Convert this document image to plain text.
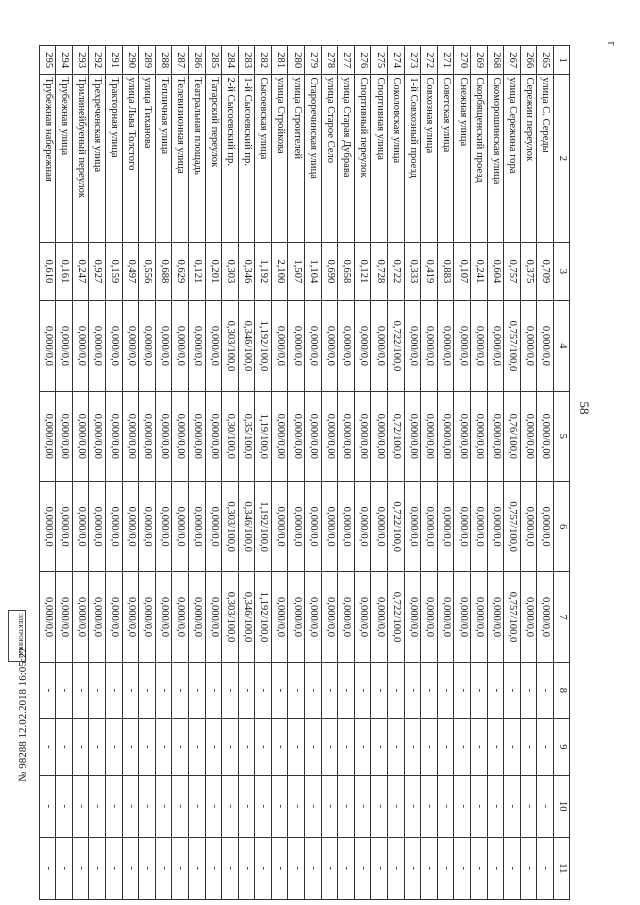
58
r
1	2	3	4	5	6	7	8	9	10	11
265	улица С. Середы	0,709	0,000/0,0	0,000/0,00	0,000/0,0	0,000/0,0	-	-	-	-
266	Сережин переулок	0,375	0,000/0,0	0,000/0,00	0,000/0,0	0,000/0,0	-	-	-	-
267	улица Сережина гора	0,757	0,757/100,0	0,76/100,0	0,757/100,0	0,757/100,0	-	-	-	-
268	Скоморошинская улица	0,604	0,000/0,0	0,000/0,00	0,000/0,0	0,000/0,0	-	-	-	-
269	Скорбященский проезд	0,241	0,000/0,0	0,000/0,00	0,000/0,0	0,000/0,0	-	-	-	-
270	Снежная улица	0,107	0,000/0,0	0,000/0,00	0,000/0,0	0,000/0,0	-	-	-	-
271	Советская улица	0,883	0,000/0,0	0,000/0,00	0,000/0,0	0,000/0,0	-	-	-	-
272	Совхозная улица	0,419	0,000/0,0	0,000/0,00	0,000/0,0	0,000/0,0	-	-	-	-
273	1-й Совхозный проезд	0,333	0,000/0,0	0,000/0,00	0,000/0,0	0,000/0,0	-	-	-	-
274	Соколовская улица	0,722	0,722/100,0	0,72/100,0	0,722/100,0	0,722/100,0	-	-	-	-
275	Спортивная улица	0,728	0,000/0,0	0,000/0,00	0,000/0,0	0,000/0,0	-	-	-	-
276	Спортивный переулок	0,121	0,000/0,0	0,000/0,00	0,000/0,0	0,000/0,0	-	-	-	-
277	улица Старая Дубрава	0,658	0,000/0,0	0,000/0,00	0,000/0,0	0,000/0,0	-	-	-	-
278	улица Старое Село	0,690	0,000/0,0	0,000/0,00	0,000/0,0	0,000/0,0	-	-	-	-
279	Староречинская улица	1,104	0,000/0,0	0,000/0,00	0,000/0,0	0,000/0,0	-	-	-	-
280	улица Строителей	1,507	0,000/0,0	0,000/0,00	0,000/0,0	0,000/0,0	-	-	-	-
281	улица Стройкова	2,100	0,000/0,0	0,000/0,00	0,000/0,0	0,000/0,0	-	-	-	-
282	Сысоевская улица	1,192	1,192/100,0	1,19/100,0	1,192/100,0	1,192/100,0	-	-	-	-
283	1-й Сысоевский пр.	0,346	0,346/100,0	0,35/100,0	0,346/100,0	0,346/100,0	-	-	-	-
284	2-й Сысоевский пр.	0,303	0,303/100,0	0,30/100,0	0,303/100,0	0,303/100,0	-	-	-	-
285	Татарский переулок	0,201	0,000/0,0	0,000/0,00	0,000/0,0	0,000/0,0	-	-	-	-
286	Театральная площадь	0,121	0,000/0,0	0,000/0,00	0,000/0,0	0,000/0,0	-	-	-	-
287	Телевизионная улица	0,629	0,000/0,0	0,000/0,00	0,000/0,0	0,000/0,0	-	-	-	-
288	Тепличная улица	0,688	0,000/0,0	0,000/0,00	0,000/0,0	0,000/0,0	-	-	-	-
289	улица Тиханова	0,556	0,000/0,0	0,000/0,00	0,000/0,0	0,000/0,0	-	-	-	-
290	улица Льва Толстого	0,497	0,000/0,0	0,000/0,00	0,000/0,0	0,000/0,0	-	-	-	-
291	Тракторная улица	0,159	0,000/0,0	0,000/0,00	0,000/0,0	0,000/0,0	-	-	-	-
292	Трехреченская улица	0,927	0,000/0,0	0,000/0,00	0,000/0,0	0,000/0,0	-	-	-	-
293	Трилинейбуеный переулок	0,247	0,000/0,0	0,000/0,00	0,000/0,0	0,000/0,0	-	-	-	-
294	Трубежная улица	0,161	0,000/0,0	0,000/0,00	0,000/0,0	0,000/0,0	-	-	-	-
295	Трубежная набережная	0,610	0,000/0,0	0,000/0,00	0,000/0,0	0,000/0,0	-	-	-	-
ЭЛЕКТРОННЫЙ
№ 98288 12.02.2018 16:05:22
